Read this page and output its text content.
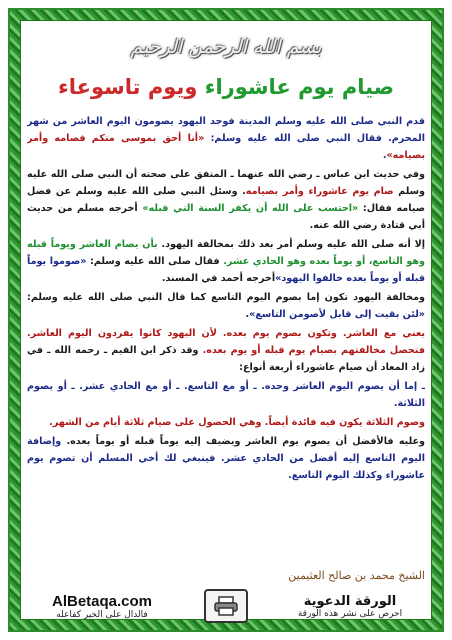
بسم الله الرحمن الرحيم
صيام يوم عاشوراء ويوم تاسوعاء

قدم النبي صلى الله عليه وسلم المدينة فوجد اليهود يصومون اليوم العاشر من شهر المحرم. فقال النبي صلى الله عليه وسلم: «أنا أحق بموسى منكم فصامه وأمر بصيامه».

وفي حديث ابن عباس ـ رضي الله عنهما ـ المتفق على صحته أن النبي صلى الله عليه وسلم صام يوم عاشوراء وأمر بصيامه. وسئل النبي صلى الله عليه وسلم عن فضل صيامه فقال: «احتسب على الله أن يكفر السنة التي قبله» أخرجه مسلم من حديث أبي قتادة رضي الله عنه.

إلا أنه صلى الله عليه وسلم أمر بعد ذلك بمخالفة اليهود. بأن يصام العاشر ويوماً قبله وهو التاسع، أو يوماً بعده وهو الحادي عشر. فقال صلى الله عليه وسلم: «صوموا يوماً قبله أو يوماً بعده خالفوا اليهود»أخرجه أحمد في المسند.

ومخالفة اليهود تكون إما بصوم اليوم التاسع كما قال النبي صلى الله عليه وسلم: «لئن بقيت إلى قابل لأصومن التاسع».

يعني مع العاشر. وتكون بصوم يوم بعده. لأن اليهود كانوا يفردون اليوم العاشر. فتحصل مخالفتهم بصيام يوم قبله أو يوم بعده. وقد ذكر ابن القيم ـ رحمه الله ـ في زاد المعاد أن صيام عاشوراء أربعة أنواع:

ـ إما أن يصوم اليوم العاشر وحده. ـ أو مع التاسع. ـ أو مع الحادي عشر. ـ أو يصوم الثلاثة.

وصوم الثلاثة يكون فيه فائدة أيضاً. وهي الحصول على صيام ثلاثة أيام من الشهر.

وعليه فالأفضل أن يصوم يوم العاشر ويضيف إليه يوماً قبله أو يوماً بعده. وإضافة اليوم التاسع إليه أفضل من الحادي عشر. فينبغي لك أخي المسلم أن تصوم يوم عاشوراء وكذلك اليوم التاسع.

الشيخ محمد بن صالح العثيمين
AlBetaqa.com
فالدال على الخير كفاعله
الورقة الدعوية
احرص على نشر هذه الورقة
